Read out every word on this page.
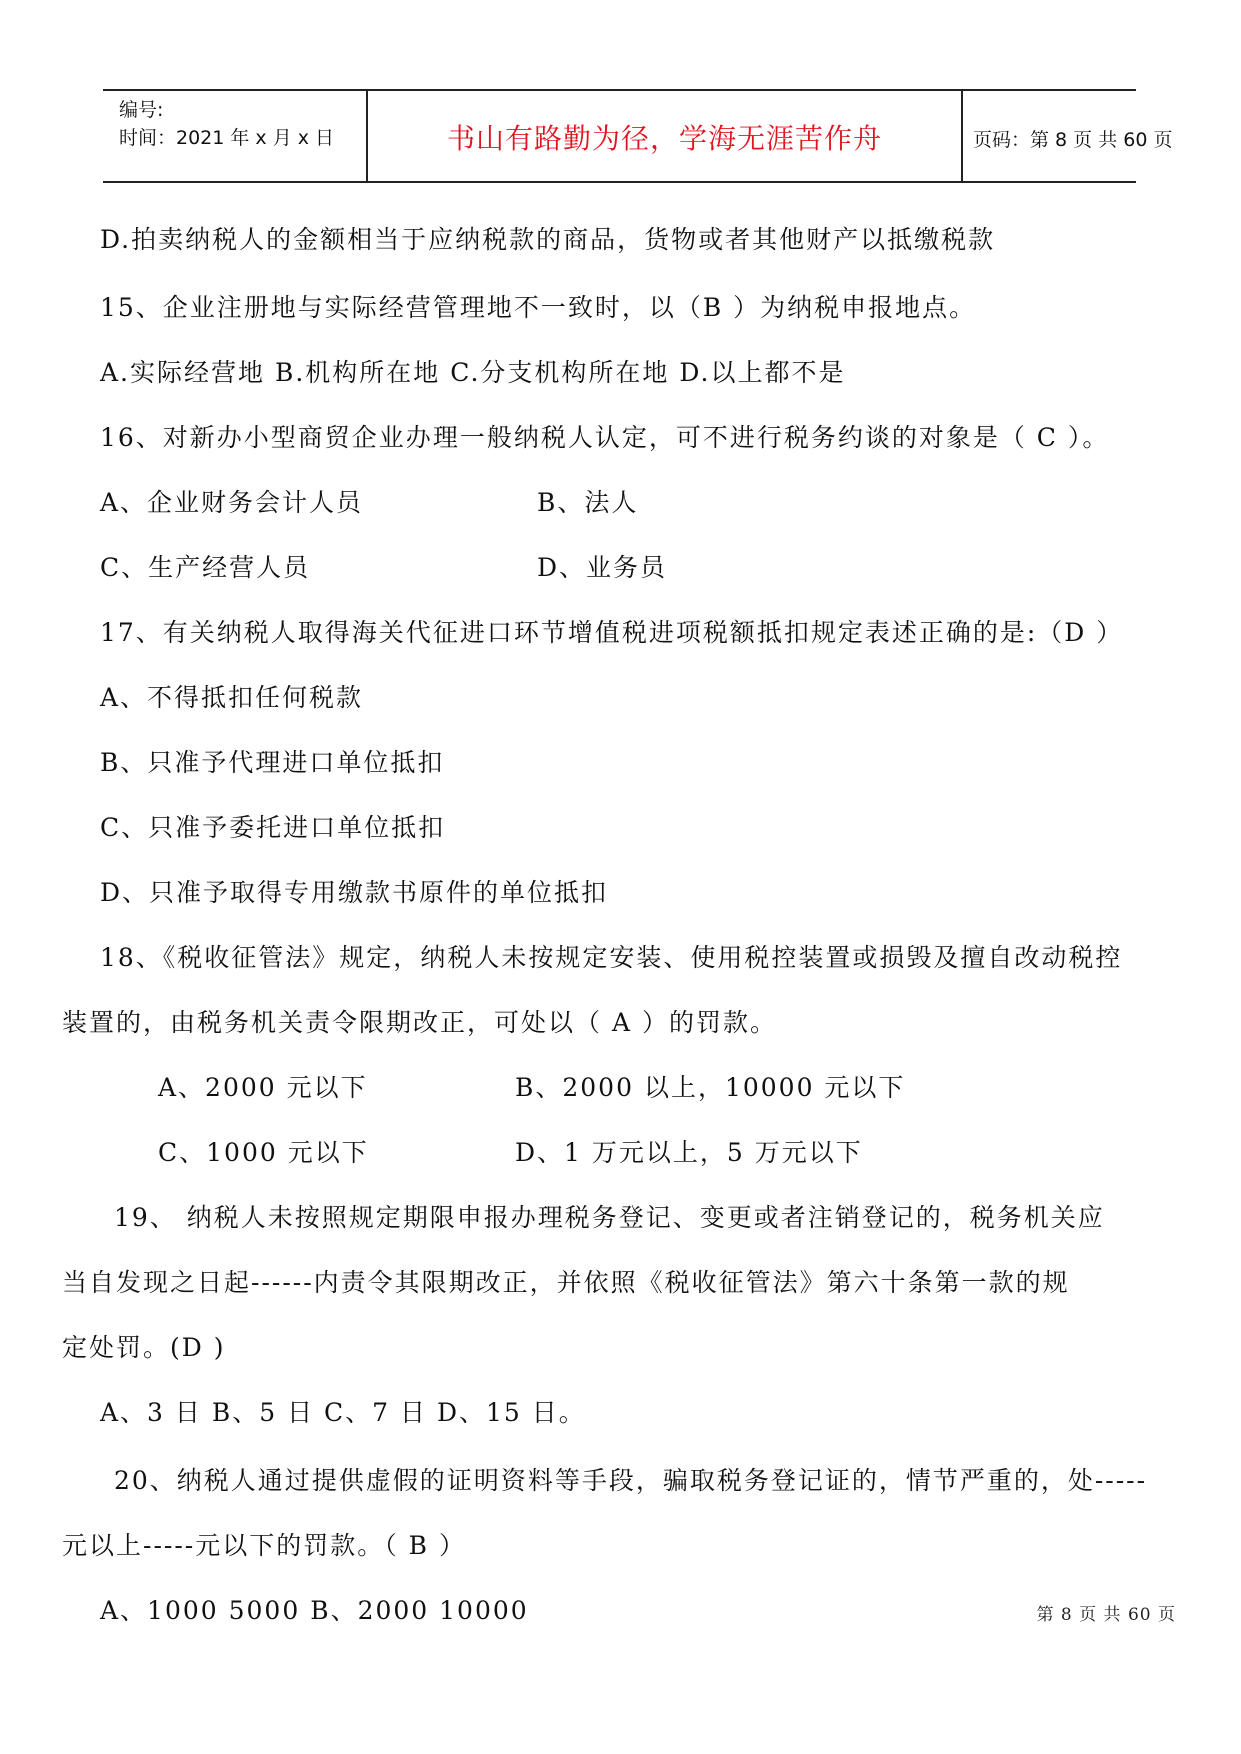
编号:
时间：2021 年 x 月 x 日	书山有路勤为径，学海无涯苦作舟	页码：第 8 页 共 60 页
D.拍卖纳税人的金额相当于应纳税款的商品，货物或者其他财产以抵缴税款
15、企业注册地与实际经营管理地不一致时，以（B ）为纳税申报地点。
A.实际经营地 B.机构所在地 C.分支机构所在地 D.以上都不是
16、对新办小型商贸企业办理一般纳税人认定，可不进行税务约谈的对象是（ C ）。
A、企业财务会计人员	B、法人
C、生产经营人员	D、业务员
17、有关纳税人取得海关代征进口环节增值税进项税额抵扣规定表述正确的是:（D ）
A、不得抵扣任何税款
B、只准予代理进口单位抵扣
C、只准予委托进口单位抵扣
D、只准予取得专用缴款书原件的单位抵扣
18、《税收征管法》规定，纳税人未按规定安装、使用税控装置或损毁及擅自改动税控
装置的，由税务机关责令限期改正，可处以（ A ）的罚款。
A、2000 元以下	B、2000 以上，10000 元以下
C、1000 元以下	D、1 万元以上，5 万元以下
19、 纳税人未按照规定期限申报办理税务登记、变更或者注销登记的，税务机关应
当自发现之日起------内责令其限期改正，并依照《税收征管法》第六十条第一款的规
定处罚。(D )
A、3 日 B、5 日 C、7 日 D、15 日。
20、纳税人通过提供虚假的证明资料等手段，骗取税务登记证的，情节严重的，处-----
元以上-----元以下的罚款。（ B ）
A、1000 5000 B、2000 10000	第 8 页 共 60 页
